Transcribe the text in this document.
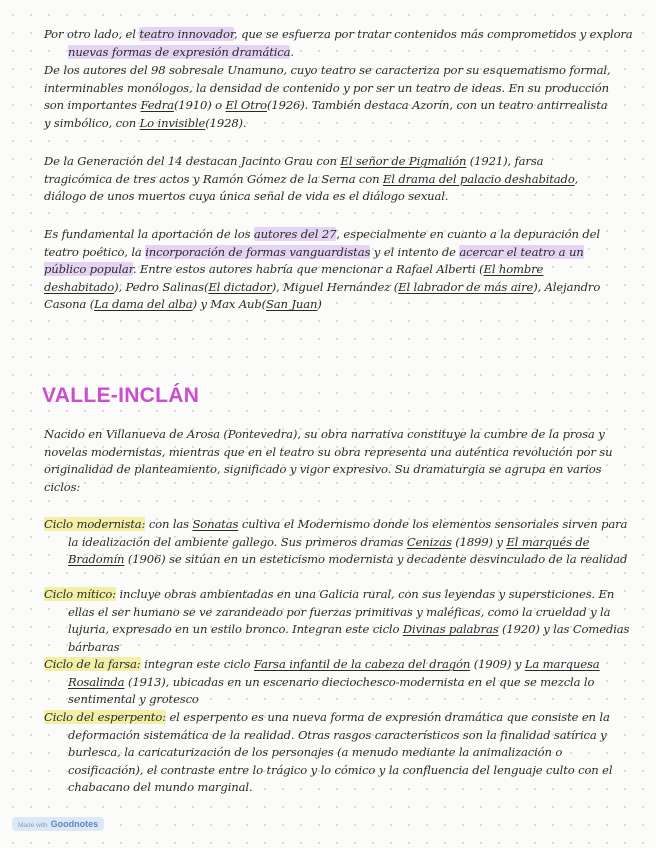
Por otro lado, el teatro innovador, que se esfuerza por tratar contenidos más comprometidos y explora nuevas formas de expresión dramática.

De los autores del 98 sobresale Unamuno, cuyo teatro se caracteriza por su esquematismo formal, interminables monólogos, la densidad de contenido y por ser un teatro de ideas. En su producción son importantes Fedra(1910) o El Otro(1926). También destaca Azorín, con un teatro antirrealista y simbólico, con Lo invisible(1928).

De la Generación del 14 destacan Jacinto Grau con El señor de Pigmalión (1921), farsa tragicómica de tres actos y Ramón Gómez de la Serna con El drama del palacio deshabitado, diálogo de unos muertos cuya única señal de vida es el diálogo sexual.

Es fundamental la aportación de los autores del 27, especialmente en cuanto a la depuración del teatro poético, la incorporación de formas vanguardistas y el intento de acercar el teatro a un público popular. Entre estos autores habría que mencionar a Rafael Alberti (El hombre deshabitado), Pedro Salinas(El dictador), Miguel Hernández (El labrador de más aire), Alejandro Casona (La dama del alba) y Max Aub(San Juan)

VALLE-INCLÁN

Nacido en Villanueva de Arosa (Pontevedra), su obra narrativa constituye la cumbre de la prosa y novelas modernistas, mientras que en el teatro su obra representa una auténtica revolución por su originalidad de planteamiento, significado y vigor expresivo. Su dramaturgia se agrupa en varios ciclos:

Ciclo modernista: con las Sonatas cultiva el Modernismo donde los elementos sensoriales sirven para la idealización del ambiente gallego. Sus primeros dramas Cenizas (1899) y El marqués de Bradomín (1906) se sitúan en un esteticismo modernista y decadente desvinculado de la realidad

Ciclo mítico: incluye obras ambientadas en una Galicia rural, con sus leyendas y supersticiones. En ellas el ser humano se ve zarandeado por fuerzas primitivas y maléficas, como la crueldad y la lujuria, expresado en un estilo bronco. Integran este ciclo Divinas palabras (1920) y las Comedias bárbaras

Ciclo de la farsa: integran este ciclo Farsa infantil de la cabeza del dragón (1909) y La marquesa Rosalinda (1913), ubicadas en un escenario dieciochesco-modernista en el que se mezcla lo sentimental y grotesco

Ciclo del esperpento: el esperpento es una nueva forma de expresión dramática que consiste en la deformación sistemática de la realidad. Otras rasgos característicos son la finalidad satírica y burlesca, la caricaturización de los personajes (a menudo mediante la animalización o cosificación), el contraste entre lo trágico y lo cómico y la confluencia del lenguaje culto con el chabacano del mundo marginal.

Made with Goodnotes
